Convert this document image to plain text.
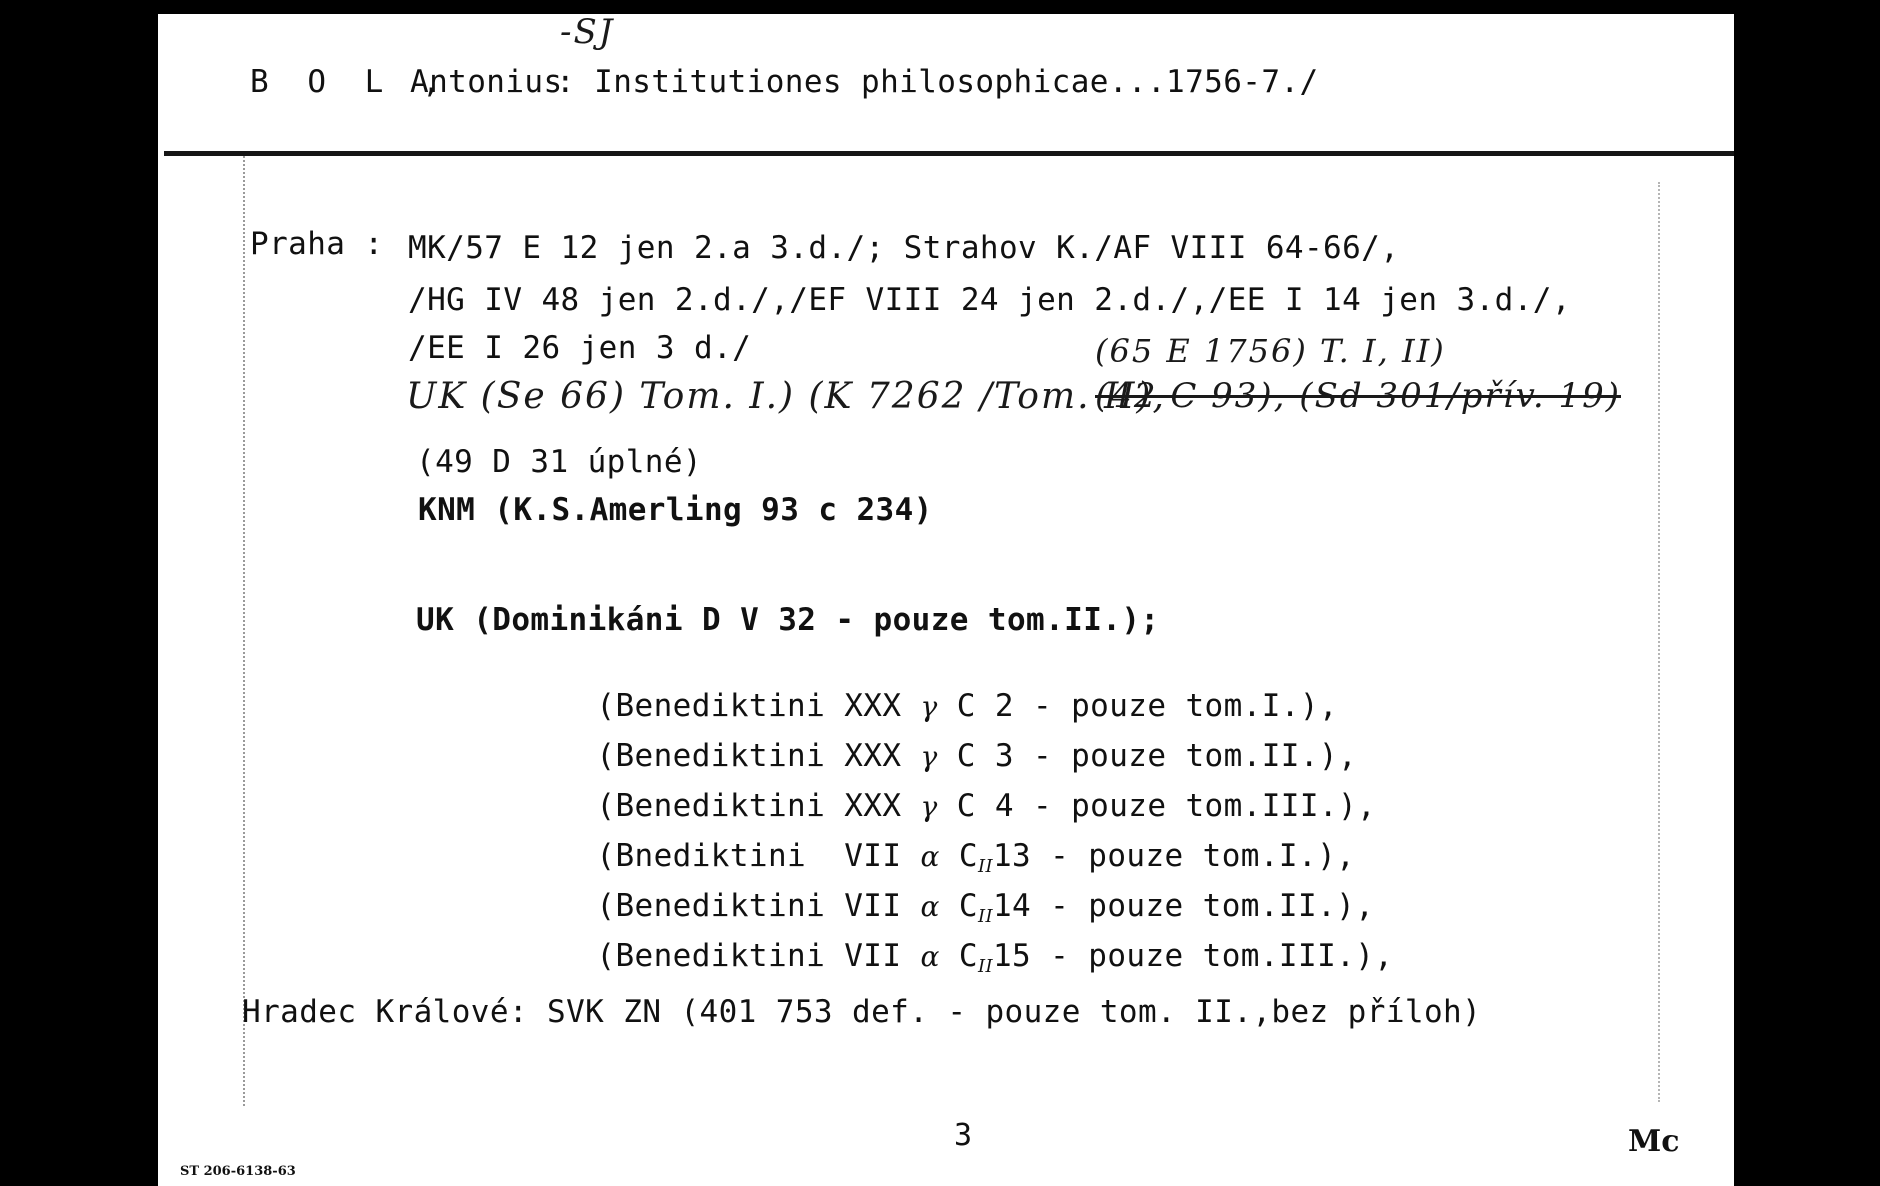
B O L ,
Antonius
-SJ
: Institutiones philosophicae...1756-7./
Praha : MK/57 E 12 jen 2.a 3.d./; Strahov K./AF VIII 64-66/,
/HG IV 48 jen 2.d./,/EF VIII 24 jen 2.d./,/EE I 14 jen 3.d./,
/EE I 26 jen 3 d./	(65 E 1756) T. I, II)
UK (Se 66) Tom. I.) (K 7262 /Tom. II),
(42 C 93), (Sd 301/přív. 19)
(49 D 31 úplné)
KNM (K.S.Amerling 93 c 234)
UK (Dominikáni D V 32 - pouze tom.II.);

(Benediktini XXX γ C 2 - pouze tom.I.),

(Benediktini XXX γ C 3 - pouze tom.II.),

(Benediktini XXX γ C 4 - pouze tom.III.),

(Bnediktini  VII α $C_{II}13$ - pouze tom.I.),

(Benediktini VII α $C_{II}14$ - pouze tom.II.),

(Benediktini VII α $C_{II}15$ - pouze tom.III.),

Hradec Králové: SVK ZN (401 753 def. - pouze tom. II.,bez příloh)
3	Mc
ST 206-6138-63
